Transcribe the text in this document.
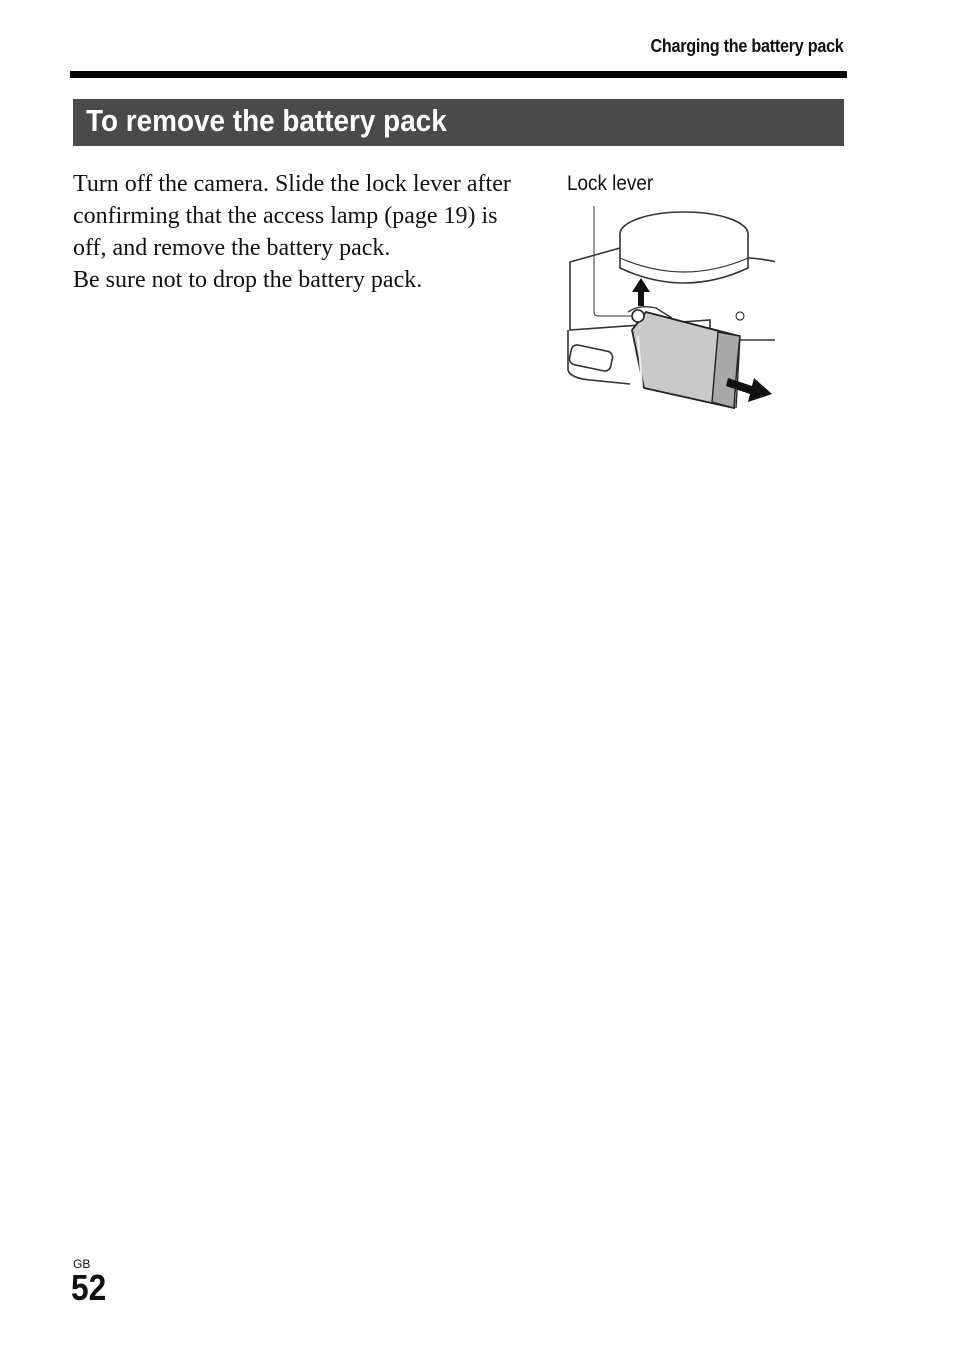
Charging the battery pack
To remove the battery pack

Turn off the camera. Slide the lock lever after confirming that the access lamp (page 19) is off, and remove the battery pack.

Be sure not to drop the battery pack.

Lock lever
GB
52
